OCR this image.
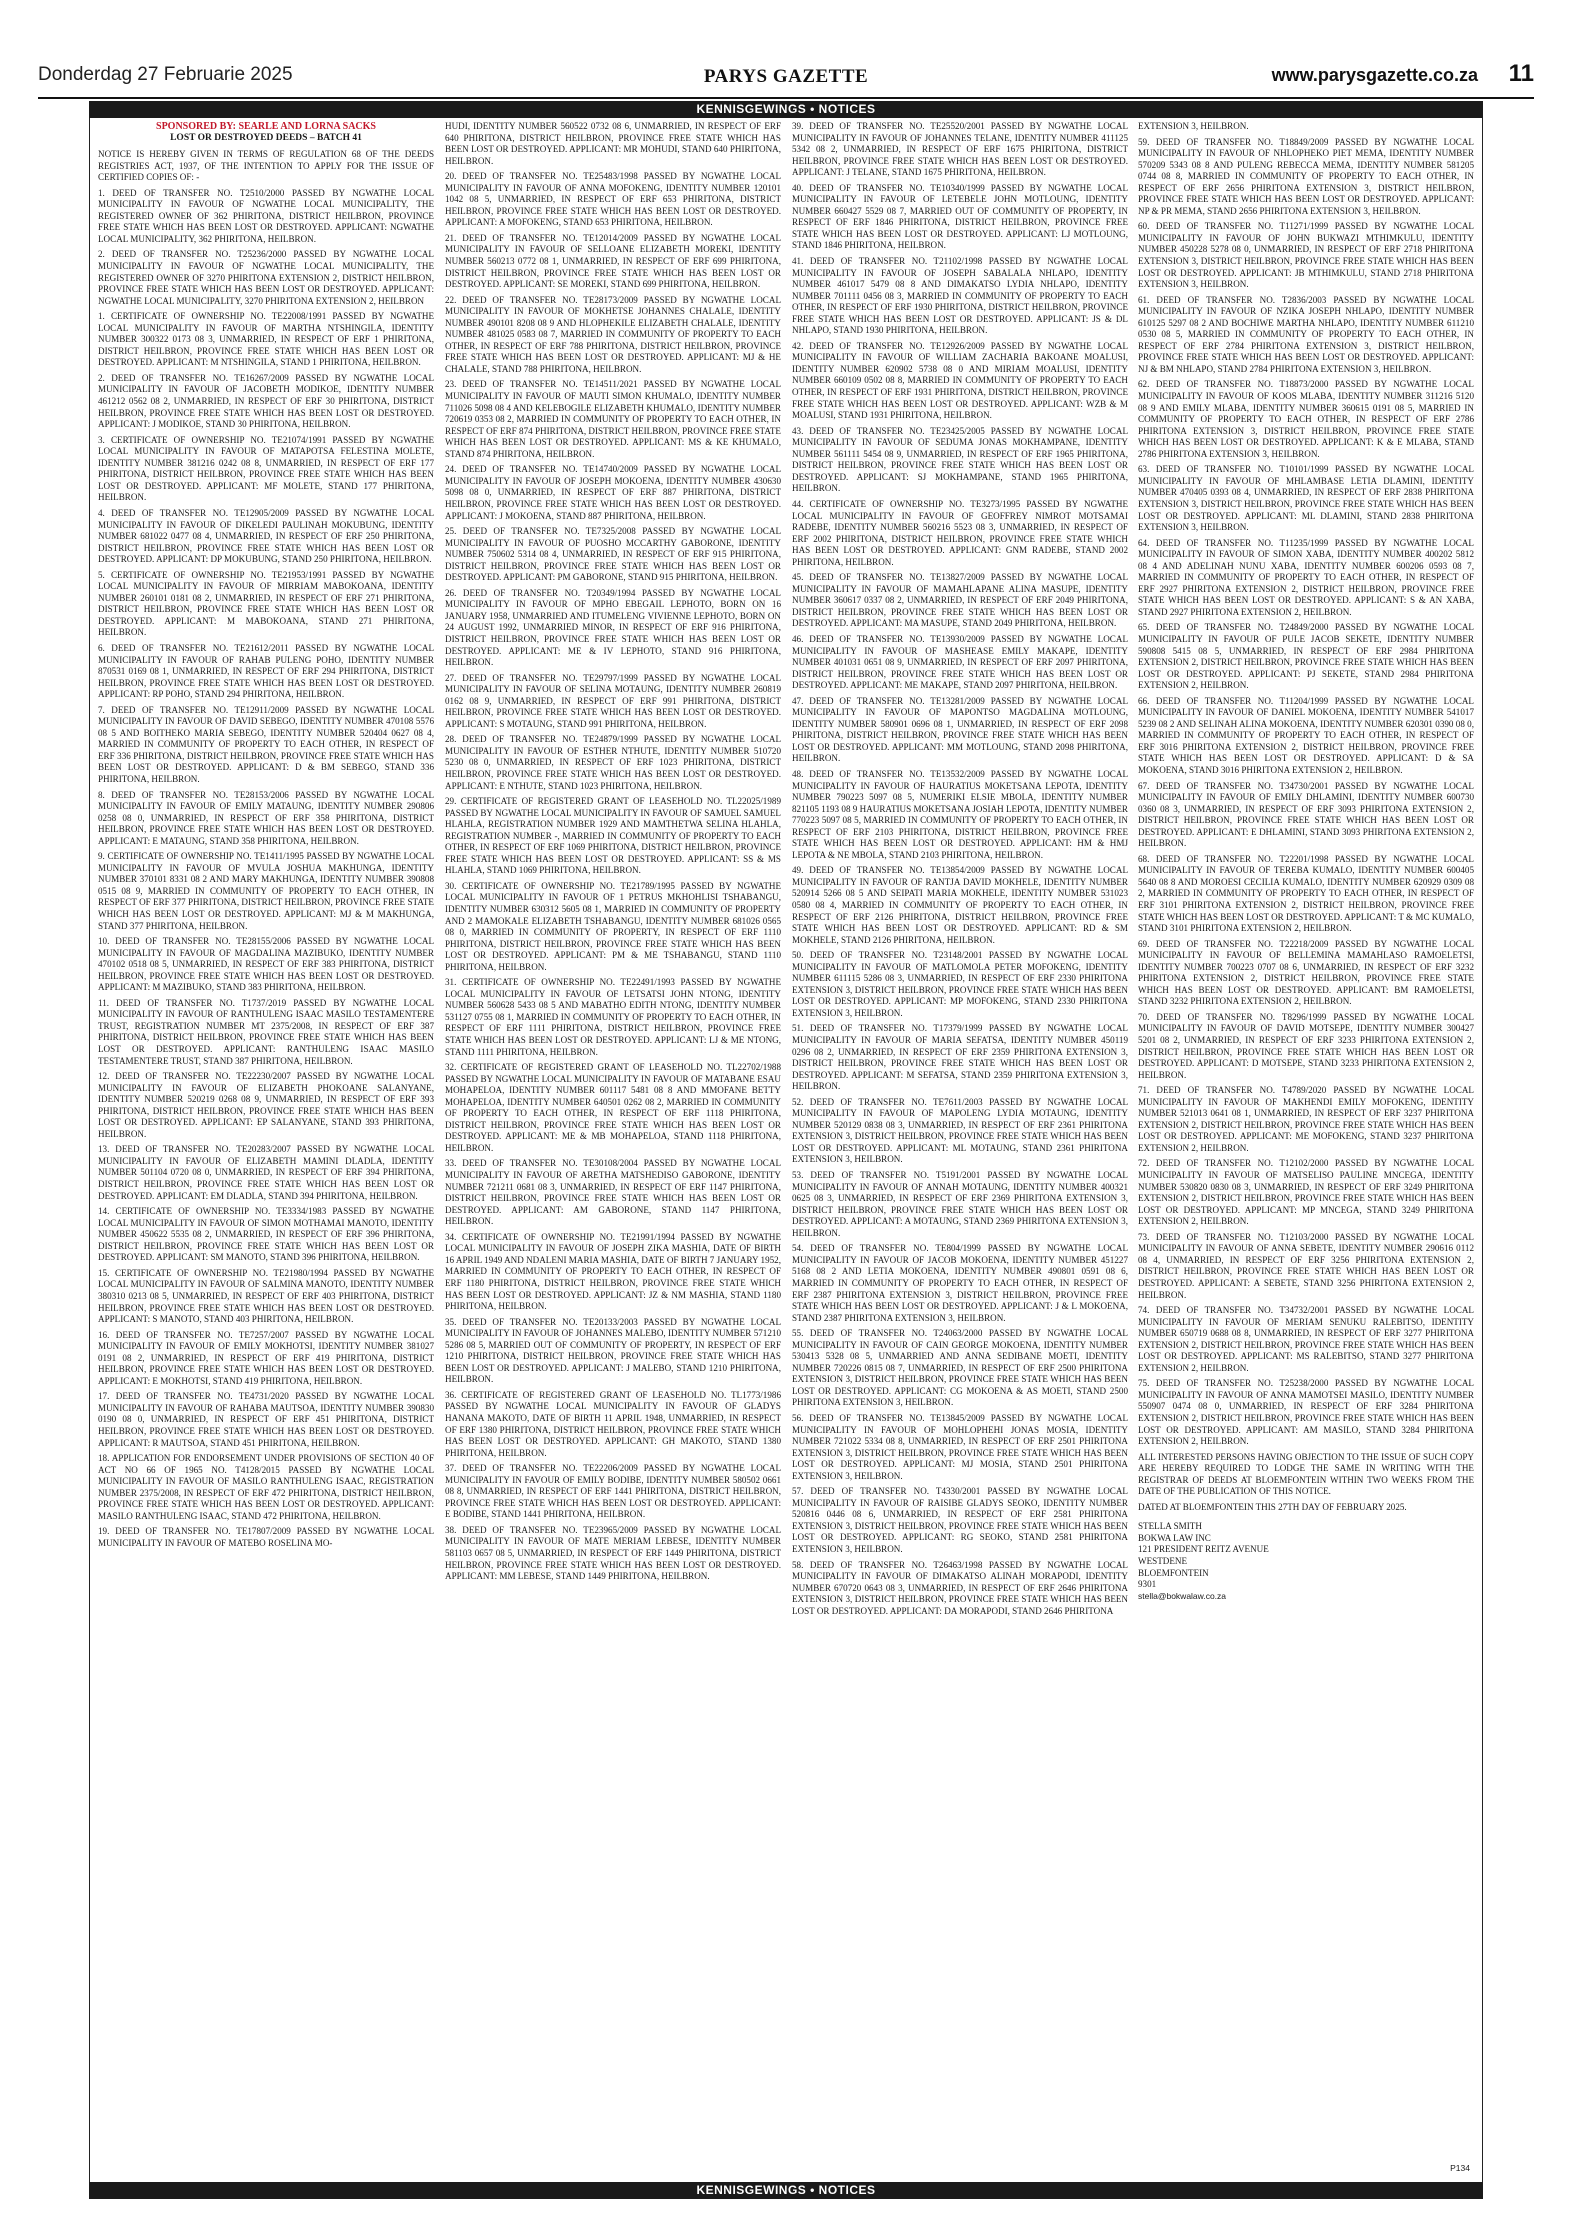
Donderdag 27 Februarie 2025	PARYS GAZETTE	www.parysgazette.co.za 11
KENNISGEWINGS • NOTICES

SPONSORED BY: SEARLE AND LORNA SACKS

LOST OR DESTROYED DEEDS – BATCH 41

NOTICE IS HEREBY GIVEN IN TERMS OF REGULATION 68 OF THE DEEDS REGISTRIES ACT, 1937, OF THE INTENTION TO APPLY FOR THE ISSUE OF CERTIFIED COPIES OF: -

1. DEED OF TRANSFER NO. T2510/2000 PASSED BY NGWATHE LOCAL MUNICIPALITY IN FAVOUR OF NGWATHE LOCAL MUNICIPALITY, THE REGISTERED OWNER OF 362 PHIRITONA, DISTRICT HEILBRON, PROVINCE FREE STATE WHICH HAS BEEN LOST OR DESTROYED. APPLICANT: NGWATHE LOCAL MUNICIPALITY, 362 PHIRITONA, HEILBRON.

2. DEED OF TRANSFER NO. T25236/2000 PASSED BY NGWATHE LOCAL MUNICIPALITY IN FAVOUR OF NGWATHE LOCAL MUNICIPALITY, THE REGISTERED OWNER OF 3270 PHIRITONA EXTENSION 2, DISTRICT HEILBRON, PROVINCE FREE STATE WHICH HAS BEEN LOST OR DESTROYED. APPLICANT: NGWATHE LOCAL MUNICIPALITY, 3270 PHIRITONA EXTENSION 2, HEILBRON

1. CERTIFICATE OF OWNERSHIP NO. TE22008/1991 PASSED BY NGWATHE LOCAL MUNICIPALITY IN FAVOUR OF MARTHA NTSHINGILA, IDENTITY NUMBER 300322 0173 08 3, UNMARRIED, IN RESPECT OF ERF 1 PHIRITONA, DISTRICT HEILBRON, PROVINCE FREE STATE WHICH HAS BEEN LOST OR DESTROYED. APPLICANT: M NTSHINGILA, STAND 1 PHIRITONA, HEILBRON.

2. DEED OF TRANSFER NO. TE16267/2009 PASSED BY NGWATHE LOCAL MUNICIPALITY IN FAVOUR OF JACOBETH MODIKOE, IDENTITY NUMBER 461212 0562 08 2, UNMARRIED, IN RESPECT OF ERF 30 PHIRITONA, DISTRICT HEILBRON, PROVINCE FREE STATE WHICH HAS BEEN LOST OR DESTROYED. APPLICANT: J MODIKOE, STAND 30 PHIRITONA, HEILBRON.

3. CERTIFICATE OF OWNERSHIP NO. TE21074/1991 PASSED BY NGWATHE LOCAL MUNICIPALITY IN FAVOUR OF MATAPOTSA FELESTINA MOLETE, IDENTITY NUMBER 381216 0242 08 8, UNMARRIED, IN RESPECT OF ERF 177 PHIRITONA, DISTRICT HEILBRON, PROVINCE FREE STATE WHICH HAS BEEN LOST OR DESTROYED. APPLICANT: MF MOLETE, STAND 177 PHIRITONA, HEILBRON.

4. DEED OF TRANSFER NO. TE12905/2009 PASSED BY NGWATHE LOCAL MUNICIPALITY IN FAVOUR OF DIKELEDI PAULINAH MOKUBUNG, IDENTITY NUMBER 681022 0477 08 4, UNMARRIED, IN RESPECT OF ERF 250 PHIRITONA, DISTRICT HEILBRON, PROVINCE FREE STATE WHICH HAS BEEN LOST OR DESTROYED. APPLICANT: DP MOKUBUNG, STAND 250 PHIRITONA, HEILBRON.

5. CERTIFICATE OF OWNERSHIP NO. TE21953/1991 PASSED BY NGWATHE LOCAL MUNICIPALITY IN FAVOUR OF MIRRIAM MABOKOANA, IDENTITY NUMBER 260101 0181 08 2, UNMARRIED, IN RESPECT OF ERF 271 PHIRITONA, DISTRICT HEILBRON, PROVINCE FREE STATE WHICH HAS BEEN LOST OR DESTROYED. APPLICANT: M MABOKOANA, STAND 271 PHIRITONA, HEILBRON.

6. DEED OF TRANSFER NO. TE21612/2011 PASSED BY NGWATHE LOCAL MUNICIPALITY IN FAVOUR OF RAHAB PULENG POHO, IDENTITY NUMBER 870531 0169 08 1, UNMARRIED, IN RESPECT OF ERF 294 PHIRITONA, DISTRICT HEILBRON, PROVINCE FREE STATE WHICH HAS BEEN LOST OR DESTROYED. APPLICANT: RP POHO, STAND 294 PHIRITONA, HEILBRON.

7. DEED OF TRANSFER NO. TE12911/2009 PASSED BY NGWATHE LOCAL MUNICIPALITY IN FAVOUR OF DAVID SEBEGO, IDENTITY NUMBER 470108 5576 08 5 AND BOITHEKO MARIA SEBEGO, IDENTITY NUMBER 520404 0627 08 4, MARRIED IN COMMUNITY OF PROPERTY TO EACH OTHER, IN RESPECT OF ERF 336 PHIRITONA, DISTRICT HEILBRON, PROVINCE FREE STATE WHICH HAS BEEN LOST OR DESTROYED. APPLICANT: D & BM SEBEGO, STAND 336 PHIRITONA, HEILBRON.

8. DEED OF TRANSFER NO. TE28153/2006 PASSED BY NGWATHE LOCAL MUNICIPALITY IN FAVOUR OF EMILY MATAUNG, IDENTITY NUMBER 290806 0258 08 0, UNMARRIED, IN RESPECT OF ERF 358 PHIRITONA, DISTRICT HEILBRON, PROVINCE FREE STATE WHICH HAS BEEN LOST OR DESTROYED. APPLICANT: E MATAUNG, STAND 358 PHIRITONA, HEILBRON.

9. CERTIFICATE OF OWNERSHIP NO. TE1411/1995 PASSED BY NGWATHE LOCAL MUNICIPALITY IN FAVOUR OF MVULA JOSHUA MAKHUNGA, IDENTITY NUMBER 370101 8331 08 2 AND MARY MAKHUNGA, IDENTITY NUMBER 390808 0515 08 9, MARRIED IN COMMUNITY OF PROPERTY TO EACH OTHER, IN RESPECT OF ERF 377 PHIRITONA, DISTRICT HEILBRON, PROVINCE FREE STATE WHICH HAS BEEN LOST OR DESTROYED. APPLICANT: MJ & M MAKHUNGA, STAND 377 PHIRITONA, HEILBRON.

10. DEED OF TRANSFER NO. TE28155/2006 PASSED BY NGWATHE LOCAL MUNICIPALITY IN FAVOUR OF MAGDALINA MAZIBUKO, IDENTITY NUMBER 470102 0518 08 5, UNMARRIED, IN RESPECT OF ERF 383 PHIRITONA, DISTRICT HEILBRON, PROVINCE FREE STATE WHICH HAS BEEN LOST OR DESTROYED. APPLICANT: M MAZIBUKO, STAND 383 PHIRITONA, HEILBRON.

11. DEED OF TRANSFER NO. T1737/2019 PASSED BY NGWATHE LOCAL MUNICIPALITY IN FAVOUR OF RANTHULENG ISAAC MASILO TESTAMENTERE TRUST, REGISTRATION NUMBER MT 2375/2008, IN RESPECT OF ERF 387 PHIRITONA, DISTRICT HEILBRON, PROVINCE FREE STATE WHICH HAS BEEN LOST OR DESTROYED. APPLICANT: RANTHULENG ISAAC MASILO TESTAMENTERE TRUST, STAND 387 PHIRITONA, HEILBRON.

12. DEED OF TRANSFER NO. TE22230/2007 PASSED BY NGWATHE LOCAL MUNICIPALITY IN FAVOUR OF ELIZABETH PHOKOANE SALANYANE, IDENTITY NUMBER 520219 0268 08 9, UNMARRIED, IN RESPECT OF ERF 393 PHIRITONA, DISTRICT HEILBRON, PROVINCE FREE STATE WHICH HAS BEEN LOST OR DESTROYED. APPLICANT: EP SALANYANE, STAND 393 PHIRITONA, HEILBRON.

13. DEED OF TRANSFER NO. TE20283/2007 PASSED BY NGWATHE LOCAL MUNICIPALITY IN FAVOUR OF ELIZABETH MAMINI DLADLA, IDENTITY NUMBER 501104 0720 08 0, UNMARRIED, IN RESPECT OF ERF 394 PHIRITONA, DISTRICT HEILBRON, PROVINCE FREE STATE WHICH HAS BEEN LOST OR DESTROYED. APPLICANT: EM DLADLA, STAND 394 PHIRITONA, HEILBRON.

14. CERTIFICATE OF OWNERSHIP NO. TE3334/1983 PASSED BY NGWATHE LOCAL MUNICIPALITY IN FAVOUR OF SIMON MOTHAMAI MANOTO, IDENTITY NUMBER 450622 5535 08 2, UNMARRIED, IN RESPECT OF ERF 396 PHIRITONA, DISTRICT HEILBRON, PROVINCE FREE STATE WHICH HAS BEEN LOST OR DESTROYED. APPLICANT: SM MANOTO, STAND 396 PHIRITONA, HEILBRON.

15. CERTIFICATE OF OWNERSHIP NO. TE21980/1994 PASSED BY NGWATHE LOCAL MUNICIPALITY IN FAVOUR OF SALMINA MANOTO, IDENTITY NUMBER 380310 0213 08 5, UNMARRIED, IN RESPECT OF ERF 403 PHIRITONA, DISTRICT HEILBRON, PROVINCE FREE STATE WHICH HAS BEEN LOST OR DESTROYED. APPLICANT: S MANOTO, STAND 403 PHIRITONA, HEILBRON.

16. DEED OF TRANSFER NO. TE7257/2007 PASSED BY NGWATHE LOCAL MUNICIPALITY IN FAVOUR OF EMILY MOKHOTSI, IDENTITY NUMBER 381027 0191 08 2, UNMARRIED, IN RESPECT OF ERF 419 PHIRITONA, DISTRICT HEILBRON, PROVINCE FREE STATE WHICH HAS BEEN LOST OR DESTROYED. APPLICANT: E MOKHOTSI, STAND 419 PHIRITONA, HEILBRON.

17. DEED OF TRANSFER NO. TE4731/2020 PASSED BY NGWATHE LOCAL MUNICIPALITY IN FAVOUR OF RAHABA MAUTSOA, IDENTITY NUMBER 390830 0190 08 0, UNMARRIED, IN RESPECT OF ERF 451 PHIRITONA, DISTRICT HEILBRON, PROVINCE FREE STATE WHICH HAS BEEN LOST OR DESTROYED. APPLICANT: R MAUTSOA, STAND 451 PHIRITONA, HEILBRON.

18. APPLICATION FOR ENDORSEMENT UNDER PROVISIONS OF SECTION 40 OF ACT NO 66 OF 1965 NO. T4128/2015 PASSED BY NGWATHE LOCAL MUNICIPALITY IN FAVOUR OF MASILO RANTHULENG ISAAC, REGISTRATION NUMBER 2375/2008, IN RESPECT OF ERF 472 PHIRITONA, DISTRICT HEILBRON, PROVINCE FREE STATE WHICH HAS BEEN LOST OR DESTROYED. APPLICANT: MASILO RANTHULENG ISAAC, STAND 472 PHIRITONA, HEILBRON.

19. DEED OF TRANSFER NO. TE17807/2009 PASSED BY NGWATHE LOCAL MUNICIPALITY IN FAVOUR OF MATEBO ROSELINA MO-

HUDI, IDENTITY NUMBER 560522 0732 08 6, UNMARRIED, IN RESPECT OF ERF 640 PHIRITONA, DISTRICT HEILBRON, PROVINCE FREE STATE WHICH HAS BEEN LOST OR DESTROYED. APPLICANT: MR MOHUDI, STAND 640 PHIRITONA, HEILBRON.

20. DEED OF TRANSFER NO. TE25483/1998 PASSED BY NGWATHE LOCAL MUNICIPALITY IN FAVOUR OF ANNA MOFOKENG, IDENTITY NUMBER 120101 1042 08 5, UNMARRIED, IN RESPECT OF ERF 653 PHIRITONA, DISTRICT HEILBRON, PROVINCE FREE STATE WHICH HAS BEEN LOST OR DESTROYED. APPLICANT: A MOFOKENG, STAND 653 PHIRITONA, HEILBRON.

21. DEED OF TRANSFER NO. TE12014/2009 PASSED BY NGWATHE LOCAL MUNICIPALITY IN FAVOUR OF SELLOANE ELIZABETH MOREKI, IDENTITY NUMBER 560213 0772 08 1, UNMARRIED, IN RESPECT OF ERF 699 PHIRITONA, DISTRICT HEILBRON, PROVINCE FREE STATE WHICH HAS BEEN LOST OR DESTROYED. APPLICANT: SE MOREKI, STAND 699 PHIRITONA, HEILBRON.

22. DEED OF TRANSFER NO. TE28173/2009 PASSED BY NGWATHE LOCAL MUNICIPALITY IN FAVOUR OF MOKHETSE JOHANNES CHALALE, IDENTITY NUMBER 490101 8208 08 9 AND HLOPHEKILE ELIZABETH CHALALE, IDENTITY NUMBER 481025 0583 08 7, MARRIED IN COMMUNITY OF PROPERTY TO EACH OTHER, IN RESPECT OF ERF 788 PHIRITONA, DISTRICT HEILBRON, PROVINCE FREE STATE WHICH HAS BEEN LOST OR DESTROYED. APPLICANT: MJ & HE CHALALE, STAND 788 PHIRITONA, HEILBRON.

23. DEED OF TRANSFER NO. TE14511/2021 PASSED BY NGWATHE LOCAL MUNICIPALITY IN FAVOUR OF MAUTI SIMON KHUMALO, IDENTITY NUMBER 711026 5098 08 4 AND KELEBOGILE ELIZABETH KHUMALO, IDENTITY NUMBER 720619 0353 08 2, MARRIED IN COMMUNITY OF PROPERTY TO EACH OTHER, IN RESPECT OF ERF 874 PHIRITONA, DISTRICT HEILBRON, PROVINCE FREE STATE WHICH HAS BEEN LOST OR DESTROYED. APPLICANT: MS & KE KHUMALO, STAND 874 PHIRITONA, HEILBRON.

24. DEED OF TRANSFER NO. TE14740/2009 PASSED BY NGWATHE LOCAL MUNICIPALITY IN FAVOUR OF JOSEPH MOKOENA, IDENTITY NUMBER 430630 5098 08 0, UNMARRIED, IN RESPECT OF ERF 887 PHIRITONA, DISTRICT HEILBRON, PROVINCE FREE STATE WHICH HAS BEEN LOST OR DESTROYED. APPLICANT: J MOKOENA, STAND 887 PHIRITONA, HEILBRON.

25. DEED OF TRANSFER NO. TE7325/2008 PASSED BY NGWATHE LOCAL MUNICIPALITY IN FAVOUR OF PUOSHO MCCARTHY GABORONE, IDENTITY NUMBER 750602 5314 08 4, UNMARRIED, IN RESPECT OF ERF 915 PHIRITONA, DISTRICT HEILBRON, PROVINCE FREE STATE WHICH HAS BEEN LOST OR DESTROYED. APPLICANT: PM GABORONE, STAND 915 PHIRITONA, HEILBRON.

26. DEED OF TRANSFER NO. T20349/1994 PASSED BY NGWATHE LOCAL MUNICIPALITY IN FAVOUR OF MPHO EBEGAIL LEPHOTO, BORN ON 16 JANUARY 1958, UNMARRIED AND ITUMELENG VIVIENNE LEPHOTO, BORN ON 24 AUGUST 1992, UNMARRIED MINOR, IN RESPECT OF ERF 916 PHIRITONA, DISTRICT HEILBRON, PROVINCE FREE STATE WHICH HAS BEEN LOST OR DESTROYED. APPLICANT: ME & IV LEPHOTO, STAND 916 PHIRITONA, HEILBRON.

27. DEED OF TRANSFER NO. TE29797/1999 PASSED BY NGWATHE LOCAL MUNICIPALITY IN FAVOUR OF SELINA MOTAUNG, IDENTITY NUMBER 260819 0162 08 9, UNMARRIED, IN RESPECT OF ERF 991 PHIRITONA, DISTRICT HEILBRON, PROVINCE FREE STATE WHICH HAS BEEN LOST OR DESTROYED. APPLICANT: S MOTAUNG, STAND 991 PHIRITONA, HEILBRON.

28. DEED OF TRANSFER NO. TE24879/1999 PASSED BY NGWATHE LOCAL MUNICIPALITY IN FAVOUR OF ESTHER NTHUTE, IDENTITY NUMBER 510720 5230 08 0, UNMARRIED, IN RESPECT OF ERF 1023 PHIRITONA, DISTRICT HEILBRON, PROVINCE FREE STATE WHICH HAS BEEN LOST OR DESTROYED. APPLICANT: E NTHUTE, STAND 1023 PHIRITONA, HEILBRON.

29. CERTIFICATE OF REGISTERED GRANT OF LEASEHOLD NO. TL22025/1989 PASSED BY NGWATHE LOCAL MUNICIPALITY IN FAVOUR OF SAMUEL SAMUEL HLAHLA, REGISTRATION NUMBER 1929 AND MAMTHETWA SELINA HLAHLA, REGISTRATION NUMBER -, MARRIED IN COMMUNITY OF PROPERTY TO EACH OTHER, IN RESPECT OF ERF 1069 PHIRITONA, DISTRICT HEILBRON, PROVINCE FREE STATE WHICH HAS BEEN LOST OR DESTROYED. APPLICANT: SS & MS HLAHLA, STAND 1069 PHIRITONA, HEILBRON.

30. CERTIFICATE OF OWNERSHIP NO. TE21789/1995 PASSED BY NGWATHE LOCAL MUNICIPALITY IN FAVOUR OF 1 PETRUS MKHOHLISI TSHABANGU, IDENTITY NUMBER 630312 5605 08 1, MARRIED IN COMMUNITY OF PROPERTY AND 2 MAMOKALE ELIZABETH TSHABANGU, IDENTITY NUMBER 681026 0565 08 0, MARRIED IN COMMUNITY OF PROPERTY, IN RESPECT OF ERF 1110 PHIRITONA, DISTRICT HEILBRON, PROVINCE FREE STATE WHICH HAS BEEN LOST OR DESTROYED. APPLICANT: PM & ME TSHABANGU, STAND 1110 PHIRITONA, HEILBRON.

31. CERTIFICATE OF OWNERSHIP NO. TE22491/1993 PASSED BY NGWATHE LOCAL MUNICIPALITY IN FAVOUR OF LETSATSI JOHN NTONG, IDENTITY NUMBER 560628 5433 08 5 AND MABATHO EDITH NTONG, IDENTITY NUMBER 531127 0755 08 1, MARRIED IN COMMUNITY OF PROPERTY TO EACH OTHER, IN RESPECT OF ERF 1111 PHIRITONA, DISTRICT HEILBRON, PROVINCE FREE STATE WHICH HAS BEEN LOST OR DESTROYED. APPLICANT: LJ & ME NTONG, STAND 1111 PHIRITONA, HEILBRON.

32. CERTIFICATE OF REGISTERED GRANT OF LEASEHOLD NO. TL22702/1988 PASSED BY NGWATHE LOCAL MUNICIPALITY IN FAVOUR OF MATABANE ESAU MOHAPELOA, IDENTITY NUMBER 601117 5481 08 8 AND MMOFANE BETTY MOHAPELOA, IDENTITY NUMBER 640501 0262 08 2, MARRIED IN COMMUNITY OF PROPERTY TO EACH OTHER, IN RESPECT OF ERF 1118 PHIRITONA, DISTRICT HEILBRON, PROVINCE FREE STATE WHICH HAS BEEN LOST OR DESTROYED. APPLICANT: ME & MB MOHAPELOA, STAND 1118 PHIRITONA, HEILBRON.

33. DEED OF TRANSFER NO. TE30108/2004 PASSED BY NGWATHE LOCAL MUNICIPALITY IN FAVOUR OF ARETHA MATSHEDISO GABORONE, IDENTITY NUMBER 721211 0681 08 3, UNMARRIED, IN RESPECT OF ERF 1147 PHIRITONA, DISTRICT HEILBRON, PROVINCE FREE STATE WHICH HAS BEEN LOST OR DESTROYED. APPLICANT: AM GABORONE, STAND 1147 PHIRITONA, HEILBRON.

34. CERTIFICATE OF OWNERSHIP NO. TE21991/1994 PASSED BY NGWATHE LOCAL MUNICIPALITY IN FAVOUR OF JOSEPH ZIKA MASHIA, DATE OF BIRTH 16 APRIL 1949 AND NDALENI MARIA MASHIA, DATE OF BIRTH 7 JANUARY 1952, MARRIED IN COMMUNITY OF PROPERTY TO EACH OTHER, IN RESPECT OF ERF 1180 PHIRITONA, DISTRICT HEILBRON, PROVINCE FREE STATE WHICH HAS BEEN LOST OR DESTROYED. APPLICANT: JZ & NM MASHIA, STAND 1180 PHIRITONA, HEILBRON.

35. DEED OF TRANSFER NO. TE20133/2003 PASSED BY NGWATHE LOCAL MUNICIPALITY IN FAVOUR OF JOHANNES MALEBO, IDENTITY NUMBER 571210 5286 08 5, MARRIED OUT OF COMMUNITY OF PROPERTY, IN RESPECT OF ERF 1210 PHIRITONA, DISTRICT HEILBRON, PROVINCE FREE STATE WHICH HAS BEEN LOST OR DESTROYED. APPLICANT: J MALEBO, STAND 1210 PHIRITONA, HEILBRON.

36. CERTIFICATE OF REGISTERED GRANT OF LEASEHOLD NO. TL1773/1986 PASSED BY NGWATHE LOCAL MUNICIPALITY IN FAVOUR OF GLADYS HANANA MAKOTO, DATE OF BIRTH 11 APRIL 1948, UNMARRIED, IN RESPECT OF ERF 1380 PHIRITONA, DISTRICT HEILBRON, PROVINCE FREE STATE WHICH HAS BEEN LOST OR DESTROYED. APPLICANT: GH MAKOTO, STAND 1380 PHIRITONA, HEILBRON.

37. DEED OF TRANSFER NO. TE22206/2009 PASSED BY NGWATHE LOCAL MUNICIPALITY IN FAVOUR OF EMILY BODIBE, IDENTITY NUMBER 580502 0661 08 8, UNMARRIED, IN RESPECT OF ERF 1441 PHIRITONA, DISTRICT HEILBRON, PROVINCE FREE STATE WHICH HAS BEEN LOST OR DESTROYED. APPLICANT: E BODIBE, STAND 1441 PHIRITONA, HEILBRON.

38. DEED OF TRANSFER NO. TE23965/2009 PASSED BY NGWATHE LOCAL MUNICIPALITY IN FAVOUR OF MATE MERIAM LEBESE, IDENTITY NUMBER 581103 0657 08 5, UNMARRIED, IN RESPECT OF ERF 1449 PHIRITONA, DISTRICT HEILBRON, PROVINCE FREE STATE WHICH HAS BEEN LOST OR DESTROYED. APPLICANT: MM LEBESE, STAND 1449 PHIRITONA, HEILBRON.

39. DEED OF TRANSFER NO. TE25520/2001 PASSED BY NGWATHE LOCAL MUNICIPALITY IN FAVOUR OF JOHANNES TELANE, IDENTITY NUMBER 411125 5342 08 2, UNMARRIED, IN RESPECT OF ERF 1675 PHIRITONA, DISTRICT HEILBRON, PROVINCE FREE STATE WHICH HAS BEEN LOST OR DESTROYED. APPLICANT: J TELANE, STAND 1675 PHIRITONA, HEILBRON.

40. DEED OF TRANSFER NO. TE10340/1999 PASSED BY NGWATHE LOCAL MUNICIPALITY IN FAVOUR OF LETEBELE JOHN MOTLOUNG, IDENTITY NUMBER 660427 5529 08 7, MARRIED OUT OF COMMUNITY OF PROPERTY, IN RESPECT OF ERF 1846 PHIRITONA, DISTRICT HEILBRON, PROVINCE FREE STATE WHICH HAS BEEN LOST OR DESTROYED. APPLICANT: LJ MOTLOUNG, STAND 1846 PHIRITONA, HEILBRON.

41. DEED OF TRANSFER NO. T21102/1998 PASSED BY NGWATHE LOCAL MUNICIPALITY IN FAVOUR OF JOSEPH SABALALA NHLAPO, IDENTITY NUMBER 461017 5479 08 8 AND DIMAKATSO LYDIA NHLAPO, IDENTITY NUMBER 701111 0456 08 3, MARRIED IN COMMUNITY OF PROPERTY TO EACH OTHER, IN RESPECT OF ERF 1930 PHIRITONA, DISTRICT HEILBRON, PROVINCE FREE STATE WHICH HAS BEEN LOST OR DESTROYED. APPLICANT: JS & DL NHLAPO, STAND 1930 PHIRITONA, HEILBRON.

42. DEED OF TRANSFER NO. TE12926/2009 PASSED BY NGWATHE LOCAL MUNICIPALITY IN FAVOUR OF WILLIAM ZACHARIA BAKOANE MOALUSI, IDENTITY NUMBER 620902 5738 08 0 AND MIRIAM MOALUSI, IDENTITY NUMBER 660109 0502 08 8, MARRIED IN COMMUNITY OF PROPERTY TO EACH OTHER, IN RESPECT OF ERF 1931 PHIRITONA, DISTRICT HEILBRON, PROVINCE FREE STATE WHICH HAS BEEN LOST OR DESTROYED. APPLICANT: WZB & M MOALUSI, STAND 1931 PHIRITONA, HEILBRON.

43. DEED OF TRANSFER NO. TE23425/2005 PASSED BY NGWATHE LOCAL MUNICIPALITY IN FAVOUR OF SEDUMA JONAS MOKHAMPANE, IDENTITY NUMBER 561111 5454 08 9, UNMARRIED, IN RESPECT OF ERF 1965 PHIRITONA, DISTRICT HEILBRON, PROVINCE FREE STATE WHICH HAS BEEN LOST OR DESTROYED. APPLICANT: SJ MOKHAMPANE, STAND 1965 PHIRITONA, HEILBRON.

44. CERTIFICATE OF OWNERSHIP NO. TE3273/1995 PASSED BY NGWATHE LOCAL MUNICIPALITY IN FAVOUR OF GEOFFREY NIMROT MOTSAMAI RADEBE, IDENTITY NUMBER 560216 5523 08 3, UNMARRIED, IN RESPECT OF ERF 2002 PHIRITONA, DISTRICT HEILBRON, PROVINCE FREE STATE WHICH HAS BEEN LOST OR DESTROYED. APPLICANT: GNM RADEBE, STAND 2002 PHIRITONA, HEILBRON.

45. DEED OF TRANSFER NO. TE13827/2009 PASSED BY NGWATHE LOCAL MUNICIPALITY IN FAVOUR OF MAMAHLAPANE ALINA MASUPE, IDENTITY NUMBER 360617 0337 08 2, UNMARRIED, IN RESPECT OF ERF 2049 PHIRITONA, DISTRICT HEILBRON, PROVINCE FREE STATE WHICH HAS BEEN LOST OR DESTROYED. APPLICANT: MA MASUPE, STAND 2049 PHIRITONA, HEILBRON.

46. DEED OF TRANSFER NO. TE13930/2009 PASSED BY NGWATHE LOCAL MUNICIPALITY IN FAVOUR OF MASHEASE EMILY MAKAPE, IDENTITY NUMBER 401031 0651 08 9, UNMARRIED, IN RESPECT OF ERF 2097 PHIRITONA, DISTRICT HEILBRON, PROVINCE FREE STATE WHICH HAS BEEN LOST OR DESTROYED. APPLICANT: ME MAKAPE, STAND 2097 PHIRITONA, HEILBRON.

47. DEED OF TRANSFER NO. TE13281/2009 PASSED BY NGWATHE LOCAL MUNICIPALITY IN FAVOUR OF MAPONTSO MAGDALINA MOTLOUNG, IDENTITY NUMBER 580901 0696 08 1, UNMARRIED, IN RESPECT OF ERF 2098 PHIRITONA, DISTRICT HEILBRON, PROVINCE FREE STATE WHICH HAS BEEN LOST OR DESTROYED. APPLICANT: MM MOTLOUNG, STAND 2098 PHIRITONA, HEILBRON.

48. DEED OF TRANSFER NO. TE13532/2009 PASSED BY NGWATHE LOCAL MUNICIPALITY IN FAVOUR OF HAURATIUS MOKETSANA LEPOTA, IDENTITY NUMBER 790223 5097 08 5, NUMERIKI ELSIE MBOLA, IDENTITY NUMBER 821105 1193 08 9 HAURATIUS MOKETSANA JOSIAH LEPOTA, IDENTITY NUMBER 770223 5097 08 5, MARRIED IN COMMUNITY OF PROPERTY TO EACH OTHER, IN RESPECT OF ERF 2103 PHIRITONA, DISTRICT HEILBRON, PROVINCE FREE STATE WHICH HAS BEEN LOST OR DESTROYED. APPLICANT: HM & HMJ LEPOTA & NE MBOLA, STAND 2103 PHIRITONA, HEILBRON.

49. DEED OF TRANSFER NO. TE13854/2009 PASSED BY NGWATHE LOCAL MUNICIPALITY IN FAVOUR OF RANTJA DAVID MOKHELE, IDENTITY NUMBER 520914 5266 08 5 AND SEIPATI MARIA MOKHELE, IDENTITY NUMBER 531023 0580 08 4, MARRIED IN COMMUNITY OF PROPERTY TO EACH OTHER, IN RESPECT OF ERF 2126 PHIRITONA, DISTRICT HEILBRON, PROVINCE FREE STATE WHICH HAS BEEN LOST OR DESTROYED. APPLICANT: RD & SM MOKHELE, STAND 2126 PHIRITONA, HEILBRON.

50. DEED OF TRANSFER NO. T23148/2001 PASSED BY NGWATHE LOCAL MUNICIPALITY IN FAVOUR OF MATLOMOLA PETER MOFOKENG, IDENTITY NUMBER 611115 5286 08 3, UNMARRIED, IN RESPECT OF ERF 2330 PHIRITONA EXTENSION 3, DISTRICT HEILBRON, PROVINCE FREE STATE WHICH HAS BEEN LOST OR DESTROYED. APPLICANT: MP MOFOKENG, STAND 2330 PHIRITONA EXTENSION 3, HEILBRON.

51. DEED OF TRANSFER NO. T17379/1999 PASSED BY NGWATHE LOCAL MUNICIPALITY IN FAVOUR OF MARIA SEFATSA, IDENTITY NUMBER 450119 0296 08 2, UNMARRIED, IN RESPECT OF ERF 2359 PHIRITONA EXTENSION 3, DISTRICT HEILBRON, PROVINCE FREE STATE WHICH HAS BEEN LOST OR DESTROYED. APPLICANT: M SEFATSA, STAND 2359 PHIRITONA EXTENSION 3, HEILBRON.

52. DEED OF TRANSFER NO. TE7611/2003 PASSED BY NGWATHE LOCAL MUNICIPALITY IN FAVOUR OF MAPOLENG LYDIA MOTAUNG, IDENTITY NUMBER 520129 0838 08 3, UNMARRIED, IN RESPECT OF ERF 2361 PHIRITONA EXTENSION 3, DISTRICT HEILBRON, PROVINCE FREE STATE WHICH HAS BEEN LOST OR DESTROYED. APPLICANT: ML MOTAUNG, STAND 2361 PHIRITONA EXTENSION 3, HEILBRON.

53. DEED OF TRANSFER NO. T5191/2001 PASSED BY NGWATHE LOCAL MUNICIPALITY IN FAVOUR OF ANNAH MOTAUNG, IDENTITY NUMBER 400321 0625 08 3, UNMARRIED, IN RESPECT OF ERF 2369 PHIRITONA EXTENSION 3, DISTRICT HEILBRON, PROVINCE FREE STATE WHICH HAS BEEN LOST OR DESTROYED. APPLICANT: A MOTAUNG, STAND 2369 PHIRITONA EXTENSION 3, HEILBRON.

54. DEED OF TRANSFER NO. TE804/1999 PASSED BY NGWATHE LOCAL MUNICIPALITY IN FAVOUR OF JACOB MOKOENA, IDENTITY NUMBER 451227 5168 08 2 AND LETIA MOKOENA, IDENTITY NUMBER 490801 0591 08 6, MARRIED IN COMMUNITY OF PROPERTY TO EACH OTHER, IN RESPECT OF ERF 2387 PHIRITONA EXTENSION 3, DISTRICT HEILBRON, PROVINCE FREE STATE WHICH HAS BEEN LOST OR DESTROYED. APPLICANT: J & L MOKOENA, STAND 2387 PHIRITONA EXTENSION 3, HEILBRON.

55. DEED OF TRANSFER NO. T24063/2000 PASSED BY NGWATHE LOCAL MUNICIPALITY IN FAVOUR OF CAIN GEORGE MOKOENA, IDENTITY NUMBER 530413 5328 08 5, UNMARRIED AND ANNA SEDIBANE MOETI, IDENTITY NUMBER 720226 0815 08 7, UNMARRIED, IN RESPECT OF ERF 2500 PHIRITONA EXTENSION 3, DISTRICT HEILBRON, PROVINCE FREE STATE WHICH HAS BEEN LOST OR DESTROYED. APPLICANT: CG MOKOENA & AS MOETI, STAND 2500 PHIRITONA EXTENSION 3, HEILBRON.

56. DEED OF TRANSFER NO. TE13845/2009 PASSED BY NGWATHE LOCAL MUNICIPALITY IN FAVOUR OF MOHLOPHEHI JONAS MOSIA, IDENTITY NUMBER 721022 5334 08 8, UNMARRIED, IN RESPECT OF ERF 2501 PHIRITONA EXTENSION 3, DISTRICT HEILBRON, PROVINCE FREE STATE WHICH HAS BEEN LOST OR DESTROYED. APPLICANT: MJ MOSIA, STAND 2501 PHIRITONA EXTENSION 3, HEILBRON.

57. DEED OF TRANSFER NO. T4330/2001 PASSED BY NGWATHE LOCAL MUNICIPALITY IN FAVOUR OF RAISIBE GLADYS SEOKO, IDENTITY NUMBER 520816 0446 08 6, UNMARRIED, IN RESPECT OF ERF 2581 PHIRITONA EXTENSION 3, DISTRICT HEILBRON, PROVINCE FREE STATE WHICH HAS BEEN LOST OR DESTROYED. APPLICANT: RG SEOKO, STAND 2581 PHIRITONA EXTENSION 3, HEILBRON.

58. DEED OF TRANSFER NO. T26463/1998 PASSED BY NGWATHE LOCAL MUNICIPALITY IN FAVOUR OF DIMAKATSO ALINAH MORAPODI, IDENTITY NUMBER 670720 0643 08 3, UNMARRIED, IN RESPECT OF ERF 2646 PHIRITONA EXTENSION 3, DISTRICT HEILBRON, PROVINCE FREE STATE WHICH HAS BEEN LOST OR DESTROYED. APPLICANT: DA MORAPODI, STAND 2646 PHIRITONA

EXTENSION 3, HEILBRON.

59. DEED OF TRANSFER NO. T18849/2009 PASSED BY NGWATHE LOCAL MUNICIPALITY IN FAVOUR OF NHLOPHEKO PIET MEMA, IDENTITY NUMBER 570209 5343 08 8 AND PULENG REBECCA MEMA, IDENTITY NUMBER 581205 0744 08 8, MARRIED IN COMMUNITY OF PROPERTY TO EACH OTHER, IN RESPECT OF ERF 2656 PHIRITONA EXTENSION 3, DISTRICT HEILBRON, PROVINCE FREE STATE WHICH HAS BEEN LOST OR DESTROYED. APPLICANT: NP & PR MEMA, STAND 2656 PHIRITONA EXTENSION 3, HEILBRON.

60. DEED OF TRANSFER NO. T11271/1999 PASSED BY NGWATHE LOCAL MUNICIPALITY IN FAVOUR OF JOHN BUKWAZI MTHIMKULU, IDENTITY NUMBER 450228 5278 08 0, UNMARRIED, IN RESPECT OF ERF 2718 PHIRITONA EXTENSION 3, DISTRICT HEILBRON, PROVINCE FREE STATE WHICH HAS BEEN LOST OR DESTROYED. APPLICANT: JB MTHIMKULU, STAND 2718 PHIRITONA EXTENSION 3, HEILBRON.

61. DEED OF TRANSFER NO. T2836/2003 PASSED BY NGWATHE LOCAL MUNICIPALITY IN FAVOUR OF NZIKA JOSEPH NHLAPO, IDENTITY NUMBER 610125 5297 08 2 AND BOCHIWE MARTHA NHLAPO, IDENTITY NUMBER 611210 0530 08 5, MARRIED IN COMMUNITY OF PROPERTY TO EACH OTHER, IN RESPECT OF ERF 2784 PHIRITONA EXTENSION 3, DISTRICT HEILBRON, PROVINCE FREE STATE WHICH HAS BEEN LOST OR DESTROYED. APPLICANT: NJ & BM NHLAPO, STAND 2784 PHIRITONA EXTENSION 3, HEILBRON.

62. DEED OF TRANSFER NO. T18873/2000 PASSED BY NGWATHE LOCAL MUNICIPALITY IN FAVOUR OF KOOS MLABA, IDENTITY NUMBER 311216 5120 08 9 AND EMILY MLABA, IDENTITY NUMBER 360615 0191 08 5, MARRIED IN COMMUNITY OF PROPERTY TO EACH OTHER, IN RESPECT OF ERF 2786 PHIRITONA EXTENSION 3, DISTRICT HEILBRON, PROVINCE FREE STATE WHICH HAS BEEN LOST OR DESTROYED. APPLICANT: K & E MLABA, STAND 2786 PHIRITONA EXTENSION 3, HEILBRON.

63. DEED OF TRANSFER NO. T10101/1999 PASSED BY NGWATHE LOCAL MUNICIPALITY IN FAVOUR OF MHLAMBASE LETIA DLAMINI, IDENTITY NUMBER 470405 0393 08 4, UNMARRIED, IN RESPECT OF ERF 2838 PHIRITONA EXTENSION 3, DISTRICT HEILBRON, PROVINCE FREE STATE WHICH HAS BEEN LOST OR DESTROYED. APPLICANT: ML DLAMINI, STAND 2838 PHIRITONA EXTENSION 3, HEILBRON.

64. DEED OF TRANSFER NO. T11235/1999 PASSED BY NGWATHE LOCAL MUNICIPALITY IN FAVOUR OF SIMON XABA, IDENTITY NUMBER 400202 5812 08 4 AND ADELINAH NUNU XABA, IDENTITY NUMBER 600206 0593 08 7, MARRIED IN COMMUNITY OF PROPERTY TO EACH OTHER, IN RESPECT OF ERF 2927 PHIRITONA EXTENSION 2, DISTRICT HEILBRON, PROVINCE FREE STATE WHICH HAS BEEN LOST OR DESTROYED. APPLICANT: S & AN XABA, STAND 2927 PHIRITONA EXTENSION 2, HEILBRON.

65. DEED OF TRANSFER NO. T24849/2000 PASSED BY NGWATHE LOCAL MUNICIPALITY IN FAVOUR OF PULE JACOB SEKETE, IDENTITY NUMBER 590808 5415 08 5, UNMARRIED, IN RESPECT OF ERF 2984 PHIRITONA EXTENSION 2, DISTRICT HEILBRON, PROVINCE FREE STATE WHICH HAS BEEN LOST OR DESTROYED. APPLICANT: PJ SEKETE, STAND 2984 PHIRITONA EXTENSION 2, HEILBRON.

66. DEED OF TRANSFER NO. T11204/1999 PASSED BY NGWATHE LOCAL MUNICIPALITY IN FAVOUR OF DANIEL MOKOENA, IDENTITY NUMBER 541017 5239 08 2 AND SELINAH ALINA MOKOENA, IDENTITY NUMBER 620301 0390 08 0, MARRIED IN COMMUNITY OF PROPERTY TO EACH OTHER, IN RESPECT OF ERF 3016 PHIRITONA EXTENSION 2, DISTRICT HEILBRON, PROVINCE FREE STATE WHICH HAS BEEN LOST OR DESTROYED. APPLICANT: D & SA MOKOENA, STAND 3016 PHIRITONA EXTENSION 2, HEILBRON.

67. DEED OF TRANSFER NO. T34730/2001 PASSED BY NGWATHE LOCAL MUNICIPALITY IN FAVOUR OF EMILY DHLAMINI, IDENTITY NUMBER 600730 0360 08 3, UNMARRIED, IN RESPECT OF ERF 3093 PHIRITONA EXTENSION 2, DISTRICT HEILBRON, PROVINCE FREE STATE WHICH HAS BEEN LOST OR DESTROYED. APPLICANT: E DHLAMINI, STAND 3093 PHIRITONA EXTENSION 2, HEILBRON.

68. DEED OF TRANSFER NO. T22201/1998 PASSED BY NGWATHE LOCAL MUNICIPALITY IN FAVOUR OF TEREBA KUMALO, IDENTITY NUMBER 600405 5640 08 8 AND MOROESI CECILIA KUMALO, IDENTITY NUMBER 620929 0309 08 2, MARRIED IN COMMUNITY OF PROPERTY TO EACH OTHER, IN RESPECT OF ERF 3101 PHIRITONA EXTENSION 2, DISTRICT HEILBRON, PROVINCE FREE STATE WHICH HAS BEEN LOST OR DESTROYED. APPLICANT: T & MC KUMALO, STAND 3101 PHIRITONA EXTENSION 2, HEILBRON.

69. DEED OF TRANSFER NO. T22218/2009 PASSED BY NGWATHE LOCAL MUNICIPALITY IN FAVOUR OF BELLEMINA MAMAHLASO RAMOELETSI, IDENTITY NUMBER 700223 0707 08 6, UNMARRIED, IN RESPECT OF ERF 3232 PHIRITONA EXTENSION 2, DISTRICT HEILBRON, PROVINCE FREE STATE WHICH HAS BEEN LOST OR DESTROYED. APPLICANT: BM RAMOELETSI, STAND 3232 PHIRITONA EXTENSION 2, HEILBRON.

70. DEED OF TRANSFER NO. T8296/1999 PASSED BY NGWATHE LOCAL MUNICIPALITY IN FAVOUR OF DAVID MOTSEPE, IDENTITY NUMBER 300427 5201 08 2, UNMARRIED, IN RESPECT OF ERF 3233 PHIRITONA EXTENSION 2, DISTRICT HEILBRON, PROVINCE FREE STATE WHICH HAS BEEN LOST OR DESTROYED. APPLICANT: D MOTSEPE, STAND 3233 PHIRITONA EXTENSION 2, HEILBRON.

71. DEED OF TRANSFER NO. T4789/2020 PASSED BY NGWATHE LOCAL MUNICIPALITY IN FAVOUR OF MAKHENDI EMILY MOFOKENG, IDENTITY NUMBER 521013 0641 08 1, UNMARRIED, IN RESPECT OF ERF 3237 PHIRITONA EXTENSION 2, DISTRICT HEILBRON, PROVINCE FREE STATE WHICH HAS BEEN LOST OR DESTROYED. APPLICANT: ME MOFOKENG, STAND 3237 PHIRITONA EXTENSION 2, HEILBRON.

72. DEED OF TRANSFER NO. T12102/2000 PASSED BY NGWATHE LOCAL MUNICIPALITY IN FAVOUR OF MATSELISO PAULINE MNCEGA, IDENTITY NUMBER 530820 0830 08 3, UNMARRIED, IN RESPECT OF ERF 3249 PHIRITONA EXTENSION 2, DISTRICT HEILBRON, PROVINCE FREE STATE WHICH HAS BEEN LOST OR DESTROYED. APPLICANT: MP MNCEGA, STAND 3249 PHIRITONA EXTENSION 2, HEILBRON.

73. DEED OF TRANSFER NO. T12103/2000 PASSED BY NGWATHE LOCAL MUNICIPALITY IN FAVOUR OF ANNA SEBETE, IDENTITY NUMBER 290616 0112 08 4, UNMARRIED, IN RESPECT OF ERF 3256 PHIRITONA EXTENSION 2, DISTRICT HEILBRON, PROVINCE FREE STATE WHICH HAS BEEN LOST OR DESTROYED. APPLICANT: A SEBETE, STAND 3256 PHIRITONA EXTENSION 2, HEILBRON.

74. DEED OF TRANSFER NO. T34732/2001 PASSED BY NGWATHE LOCAL MUNICIPALITY IN FAVOUR OF MERIAM SENUKU RALEBITSO, IDENTITY NUMBER 650719 0688 08 8, UNMARRIED, IN RESPECT OF ERF 3277 PHIRITONA EXTENSION 2, DISTRICT HEILBRON, PROVINCE FREE STATE WHICH HAS BEEN LOST OR DESTROYED. APPLICANT: MS RALEBITSO, STAND 3277 PHIRITONA EXTENSION 2, HEILBRON.

75. DEED OF TRANSFER NO. T25238/2000 PASSED BY NGWATHE LOCAL MUNICIPALITY IN FAVOUR OF ANNA MAMOTSEI MASILO, IDENTITY NUMBER 550907 0474 08 0, UNMARRIED, IN RESPECT OF ERF 3284 PHIRITONA EXTENSION 2, DISTRICT HEILBRON, PROVINCE FREE STATE WHICH HAS BEEN LOST OR DESTROYED. APPLICANT: AM MASILO, STAND 3284 PHIRITONA EXTENSION 2, HEILBRON.

ALL INTERESTED PERSONS HAVING OBJECTION TO THE ISSUE OF SUCH COPY ARE HEREBY REQUIRED TO LODGE THE SAME IN WRITING WITH THE REGISTRAR OF DEEDS AT BLOEMFONTEIN WITHIN TWO WEEKS FROM THE DATE OF THE PUBLICATION OF THIS NOTICE.

DATED AT BLOEMFONTEIN THIS 27TH DAY OF FEBRUARY 2025.

STELLA SMITH

BOKWA LAW INC

121 PRESIDENT REITZ AVENUE

WESTDENE

BLOEMFONTEIN

9301

stella@bokwalaw.co.za

P134
KENNISGEWINGS • NOTICES
